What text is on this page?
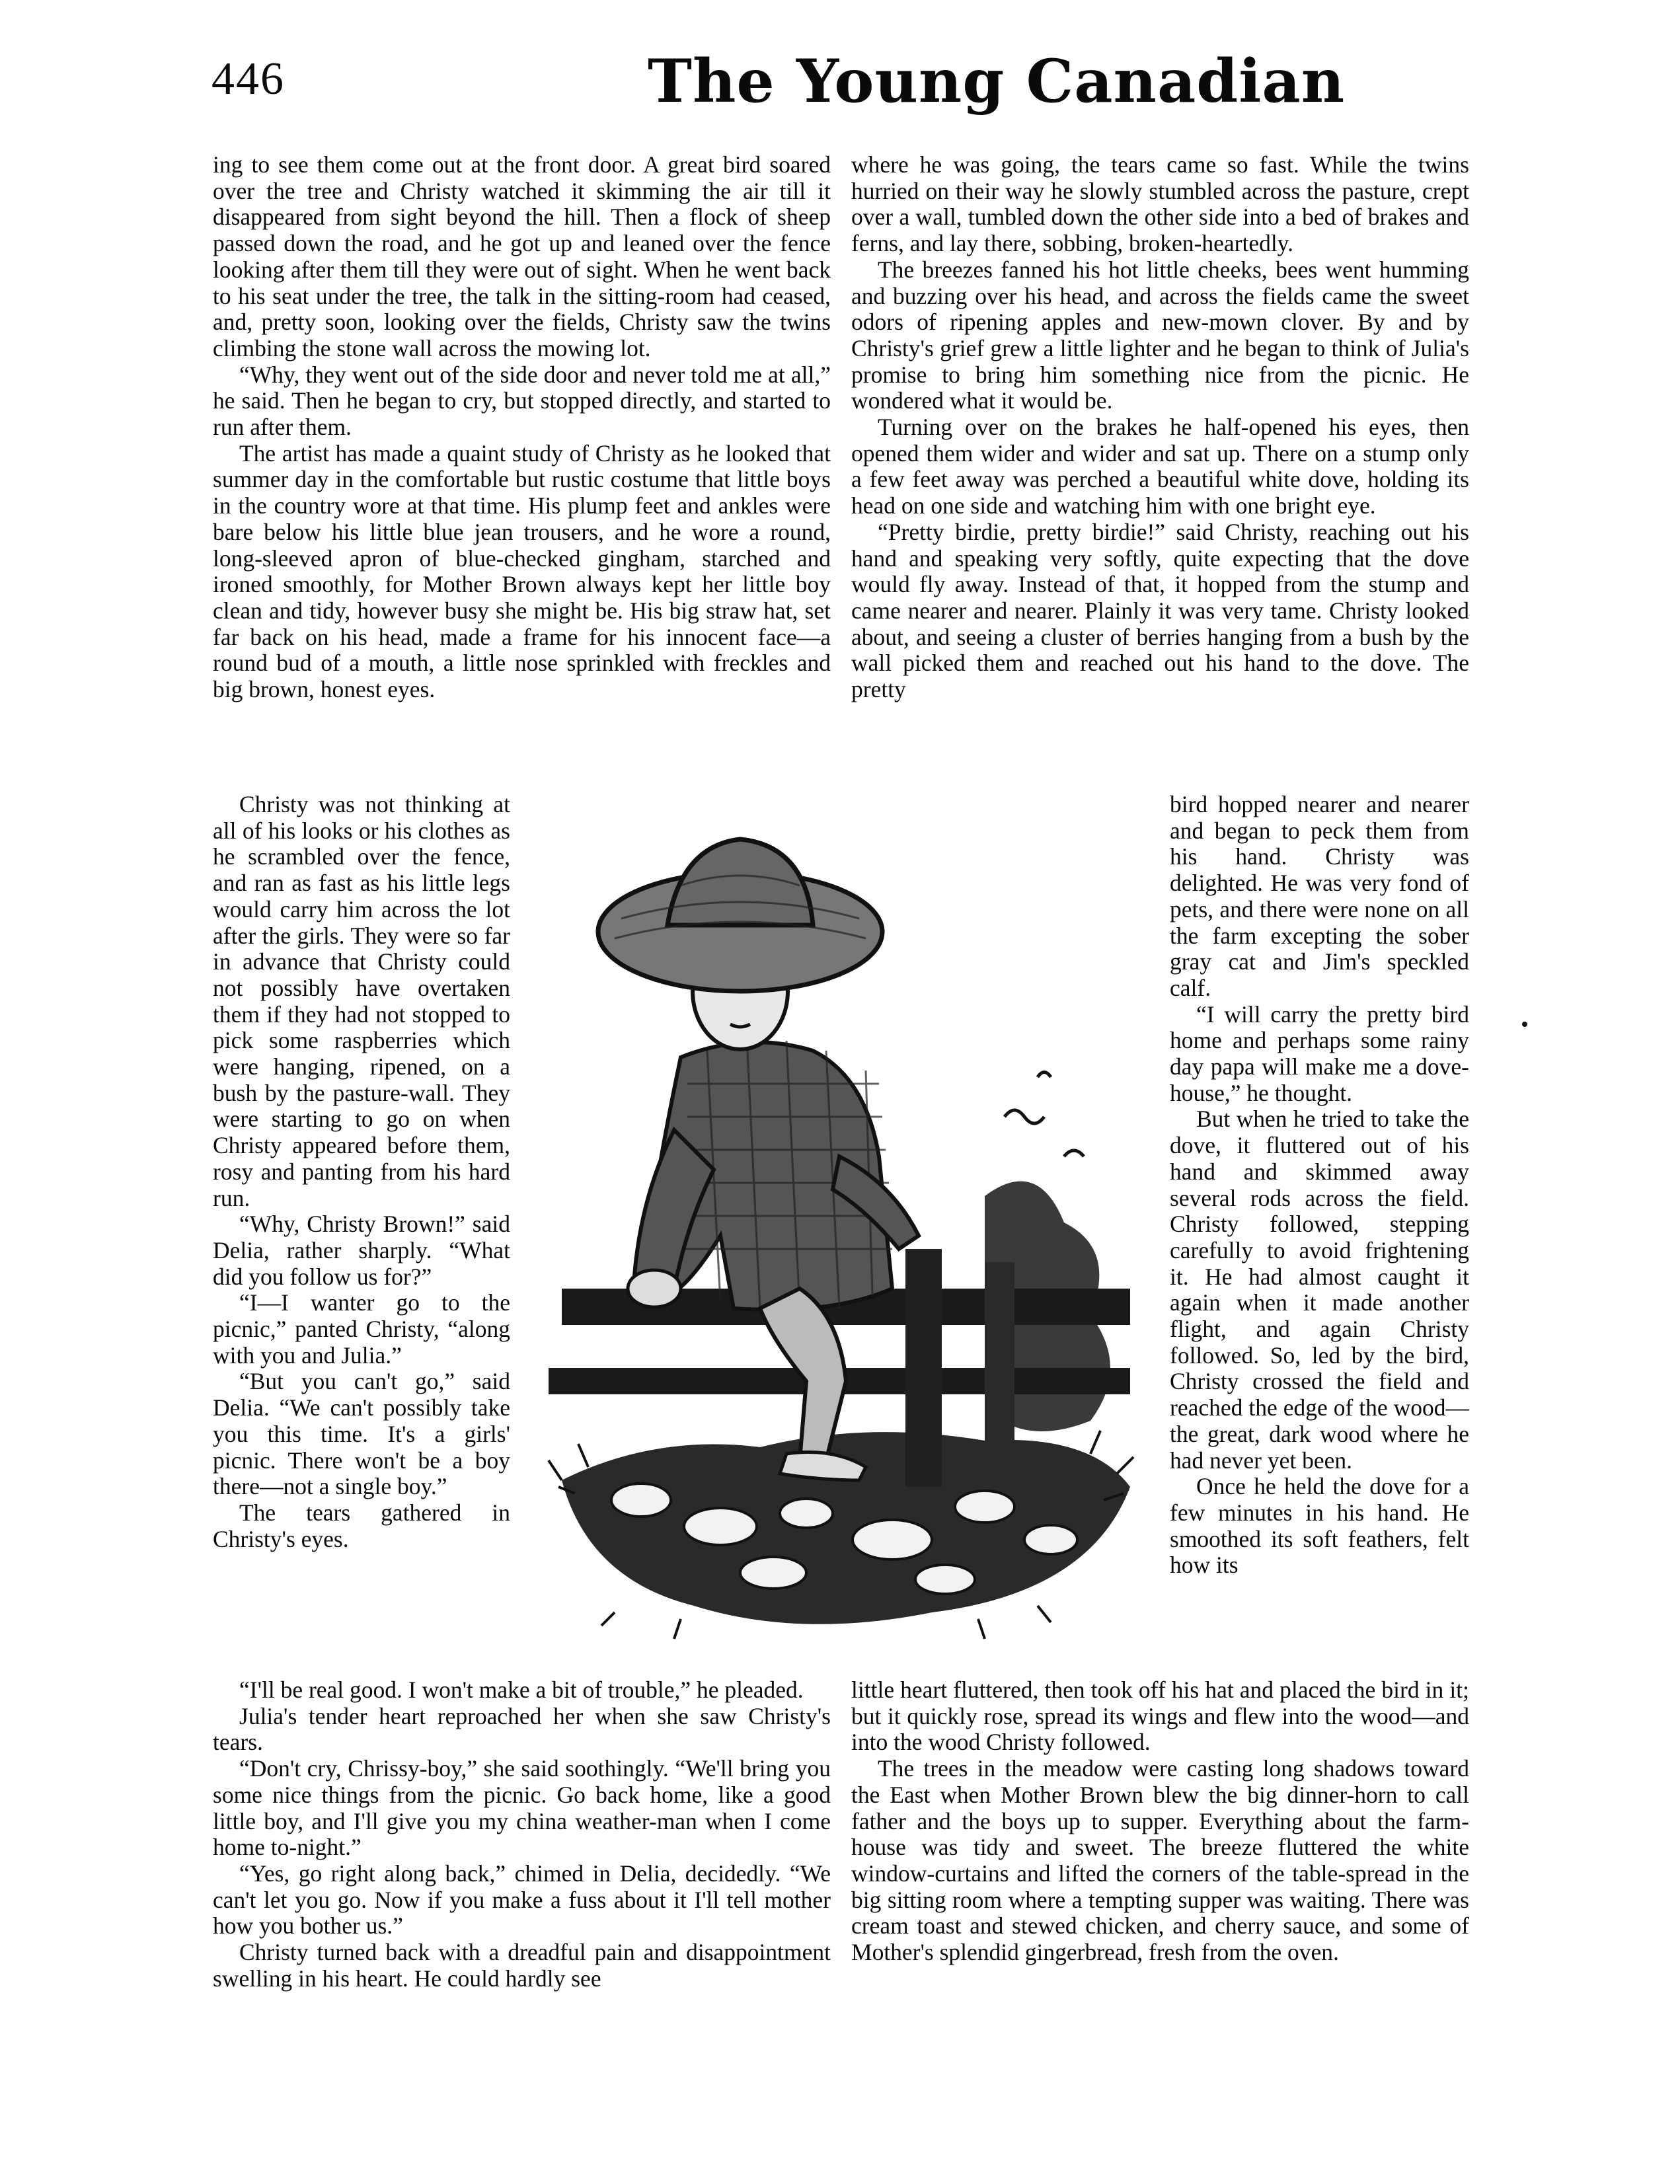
446	The Young Canadian

ing to see them come out at the front door. A great bird soared over the tree and Christy watched it skimming the air till it disappeared from sight beyond the hill. Then a flock of sheep passed down the road, and he got up and leaned over the fence looking after them till they were out of sight. When he went back to his seat under the tree, the talk in the sitting-room had ceased, and, pretty soon, looking over the fields, Christy saw the twins climbing the stone wall across the mowing lot.

“Why, they went out of the side door and never told me at all,” he said. Then he began to cry, but stopped directly, and started to run after them.

The artist has made a quaint study of Christy as he looked that summer day in the comfortable but rustic costume that little boys in the country wore at that time. His plump feet and ankles were bare below his little blue jean trousers, and he wore a round, long-sleeved apron of blue-checked gingham, starched and ironed smoothly, for Mother Brown always kept her little boy clean and tidy, however busy she might be. His big straw hat, set far back on his head, made a frame for his innocent face—a round bud of a mouth, a little nose sprinkled with freckles and big brown, honest eyes.

Christy was not thinking at all of his looks or his clothes as he scrambled over the fence, and ran as fast as his little legs would carry him across the lot after the girls. They were so far in advance that Christy could not possibly have overtaken them if they had not stopped to pick some raspberries which were hanging, ripened, on a bush by the pasture-wall. They were starting to go on when Christy appeared before them, rosy and panting from his hard run.

“Why, Christy Brown!” said Delia, rather sharply. “What did you follow us for?”

“I—I wanter go to the picnic,” panted Christy, “along with you and Julia.”

“But you can't go,” said Delia. “We can't possibly take you this time. It's a girls' picnic. There won't be a boy there—not a single boy.”

The tears gathered in Christy's eyes.

“I'll be real good. I won't make a bit of trouble,” he pleaded.

Julia's tender heart reproached her when she saw Christy's tears.

“Don't cry, Chrissy-boy,” she said soothingly. “We'll bring you some nice things from the picnic. Go back home, like a good little boy, and I'll give you my china weather-man when I come home to-night.”

“Yes, go right along back,” chimed in Delia, decidedly. “We can't let you go. Now if you make a fuss about it I'll tell mother how you bother us.”

Christy turned back with a dreadful pain and disappointment swelling in his heart. He could hardly see

where he was going, the tears came so fast. While the twins hurried on their way he slowly stumbled across the pasture, crept over a wall, tumbled down the other side into a bed of brakes and ferns, and lay there, sobbing, broken-heartedly.

The breezes fanned his hot little cheeks, bees went humming and buzzing over his head, and across the fields came the sweet odors of ripening apples and new-mown clover. By and by Christy's grief grew a little lighter and he began to think of Julia's promise to bring him something nice from the picnic. He wondered what it would be.

Turning over on the brakes he half-opened his eyes, then opened them wider and wider and sat up. There on a stump only a few feet away was perched a beautiful white dove, holding its head on one side and watching him with one bright eye.

“Pretty birdie, pretty birdie!” said Christy, reaching out his hand and speaking very softly, quite expecting that the dove would fly away. Instead of that, it hopped from the stump and came nearer and nearer. Plainly it was very tame. Christy looked about, and seeing a cluster of berries hanging from a bush by the wall picked them and reached out his hand to the dove. The pretty

bird hopped nearer and nearer and began to peck them from his hand. Christy was delighted. He was very fond of pets, and there were none on all the farm excepting the sober gray cat and Jim's speckled calf.

“I will carry the pretty bird home and perhaps some rainy day papa will make me a dove-house,” he thought.

But when he tried to take the dove, it fluttered out of his hand and skimmed away several rods across the field. Christy followed, stepping carefully to avoid frightening it. He had almost caught it again when it made another flight, and again Christy followed. So, led by the bird, Christy crossed the field and reached the edge of the wood—the great, dark wood where he had never yet been.

Once he held the dove for a few minutes in his hand. He smoothed its soft feathers, felt how its

little heart fluttered, then took off his hat and placed the bird in it; but it quickly rose, spread its wings and flew into the wood—and into the wood Christy followed.

The trees in the meadow were casting long shadows toward the East when Mother Brown blew the big dinner-horn to call father and the boys up to supper. Everything about the farm-house was tidy and sweet. The breeze fluttered the white window-curtains and lifted the corners of the table-spread in the big sitting room where a tempting supper was waiting. There was cream toast and stewed chicken, and cherry sauce, and some of Mother's splendid gingerbread, fresh from the oven.
